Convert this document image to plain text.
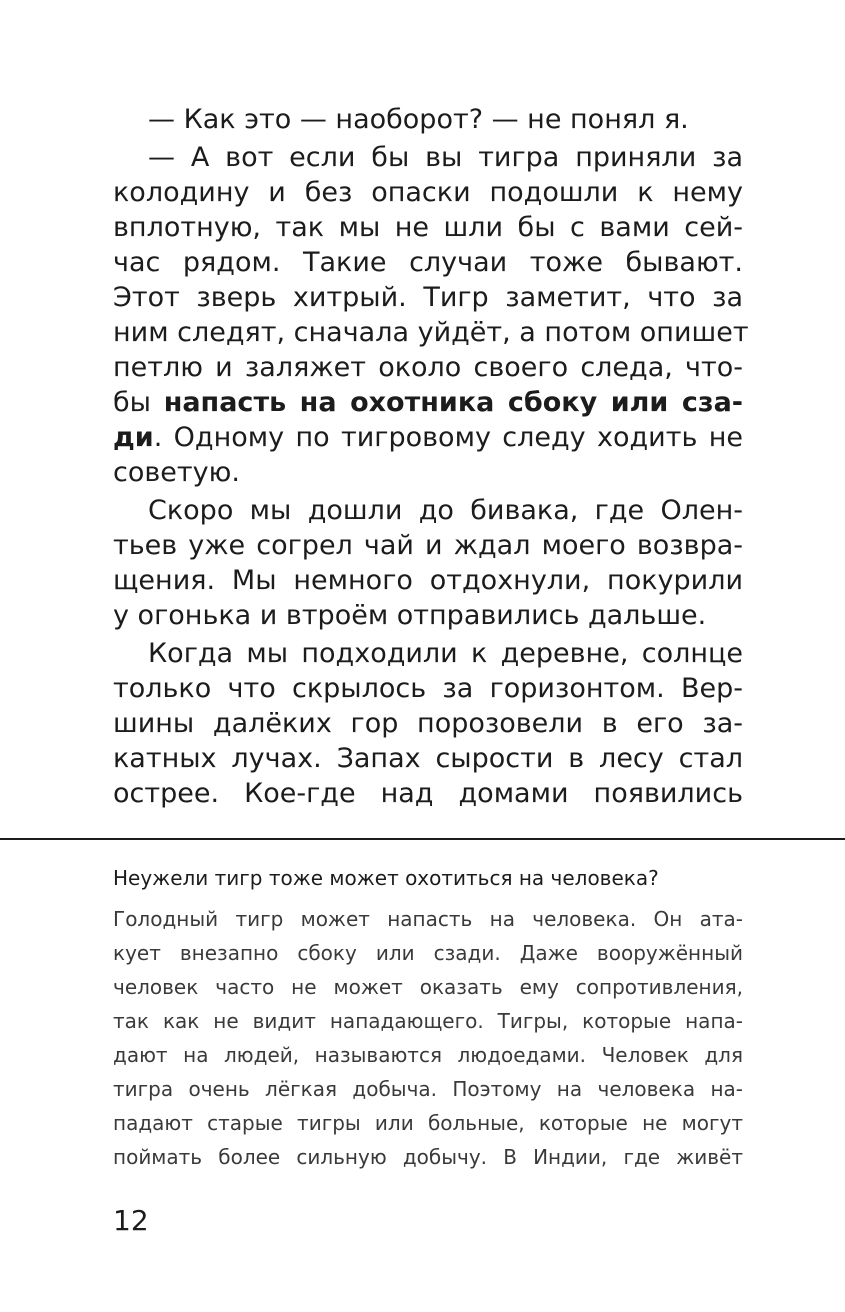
— Как это — наоборот? — не понял я.
— А вот если бы вы тигра приняли за
колодину и без опаски подошли к нему
вплотную, так мы не шли бы с вами сей-
час рядом. Такие случаи тоже бывают.
Этот зверь хитрый. Тигр заметит, что за
ним следят, сначала уйдёт, а потом опишет
петлю и заляжет около своего следа, что-
бы напасть на охотника сбоку или сза-
ди. Одному по тигровому следу ходить не
советую.
Скоро мы дошли до бивака, где Олен-
тьев уже согрел чай и ждал моего возвра-
щения. Мы немного отдохнули, покурили
у огонька и втроём отправились дальше.
Когда мы подходили к деревне, солнце
только что скрылось за горизонтом. Вер-
шины далёких гор порозовели в его за-
катных лучах. Запах сырости в лесу стал
острее. Кое-где над домами появились
Неужели тигр тоже может охотиться на человека?
Голодный тигр может напасть на человека. Он ата-
кует внезапно сбоку или сзади. Даже вооружённый
человек часто не может оказать ему сопротивления,
так как не видит нападающего. Тигры, которые напа-
дают на людей, называются людоедами. Человек для
тигра очень лёгкая добыча. Поэтому на человека на-
падают старые тигры или больные, которые не могут
поймать более сильную добычу. В Индии, где живёт
12
